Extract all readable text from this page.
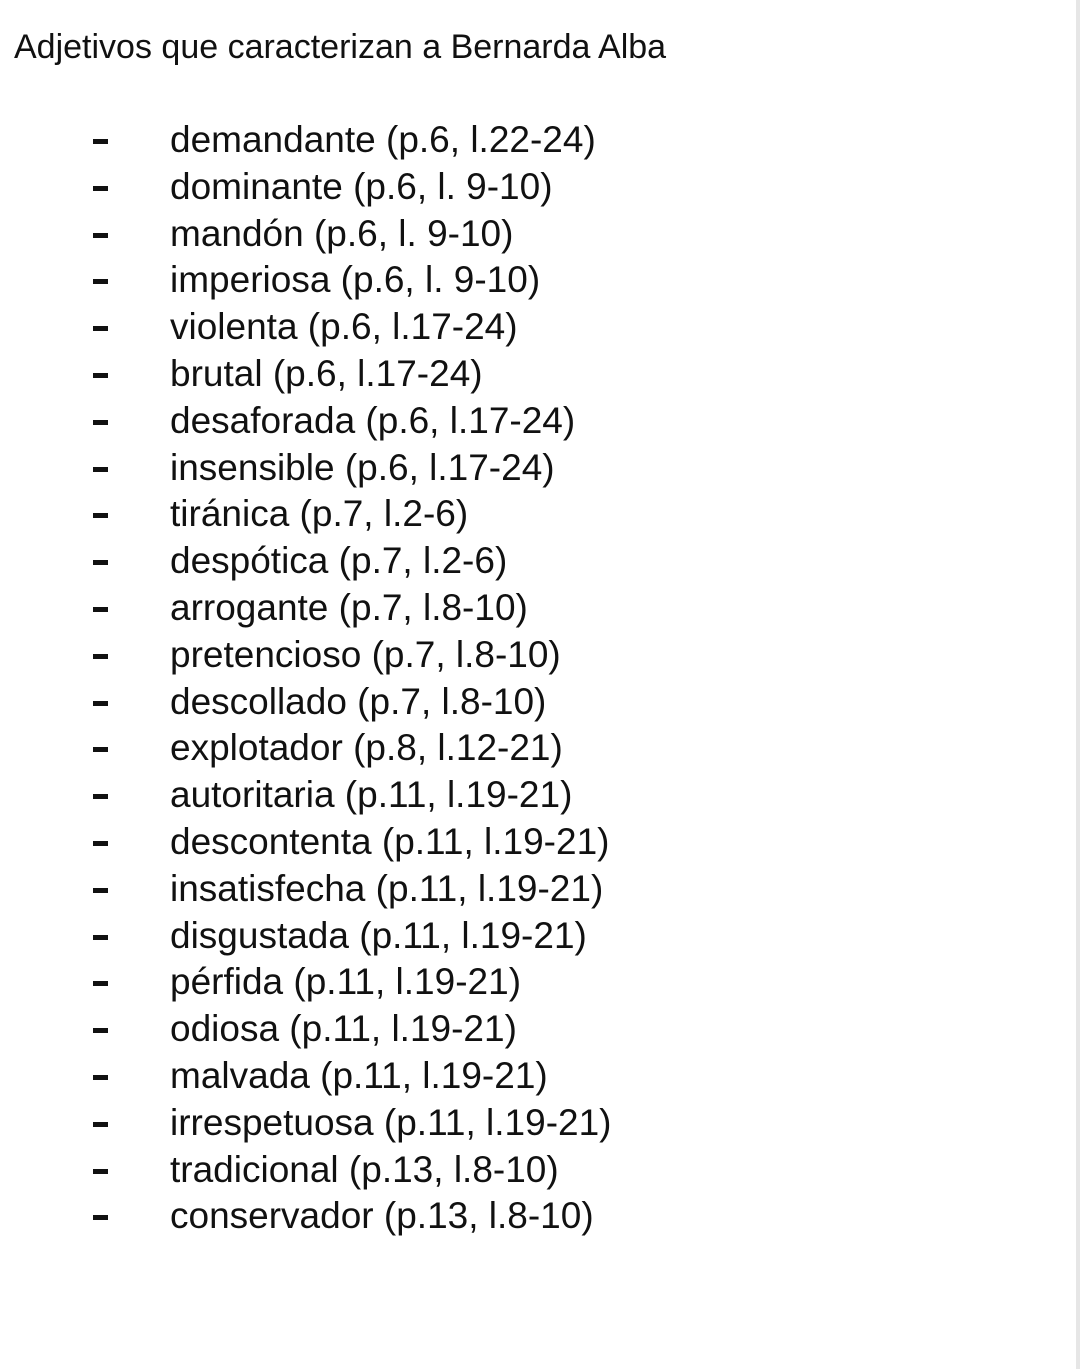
Adjetivos que caracterizan a Bernarda Alba
demandante (p.6, l.22-24)
dominante (p.6, l. 9-10)
mandón (p.6, l. 9-10)
imperiosa (p.6, l. 9-10)
violenta (p.6, l.17-24)
brutal (p.6, l.17-24)
desaforada (p.6, l.17-24)
insensible (p.6, l.17-24)
tiránica (p.7, l.2-6)
despótica (p.7, l.2-6)
arrogante (p.7, l.8-10)
pretencioso (p.7, l.8-10)
descollado (p.7, l.8-10)
explotador (p.8, l.12-21)
autoritaria (p.11, l.19-21)
descontenta (p.11, l.19-21)
insatisfecha (p.11, l.19-21)
disgustada (p.11, l.19-21)
pérfida (p.11, l.19-21)
odiosa (p.11, l.19-21)
malvada (p.11, l.19-21)
irrespetuosa (p.11, l.19-21)
tradicional (p.13, l.8-10)
conservador (p.13, l.8-10)
